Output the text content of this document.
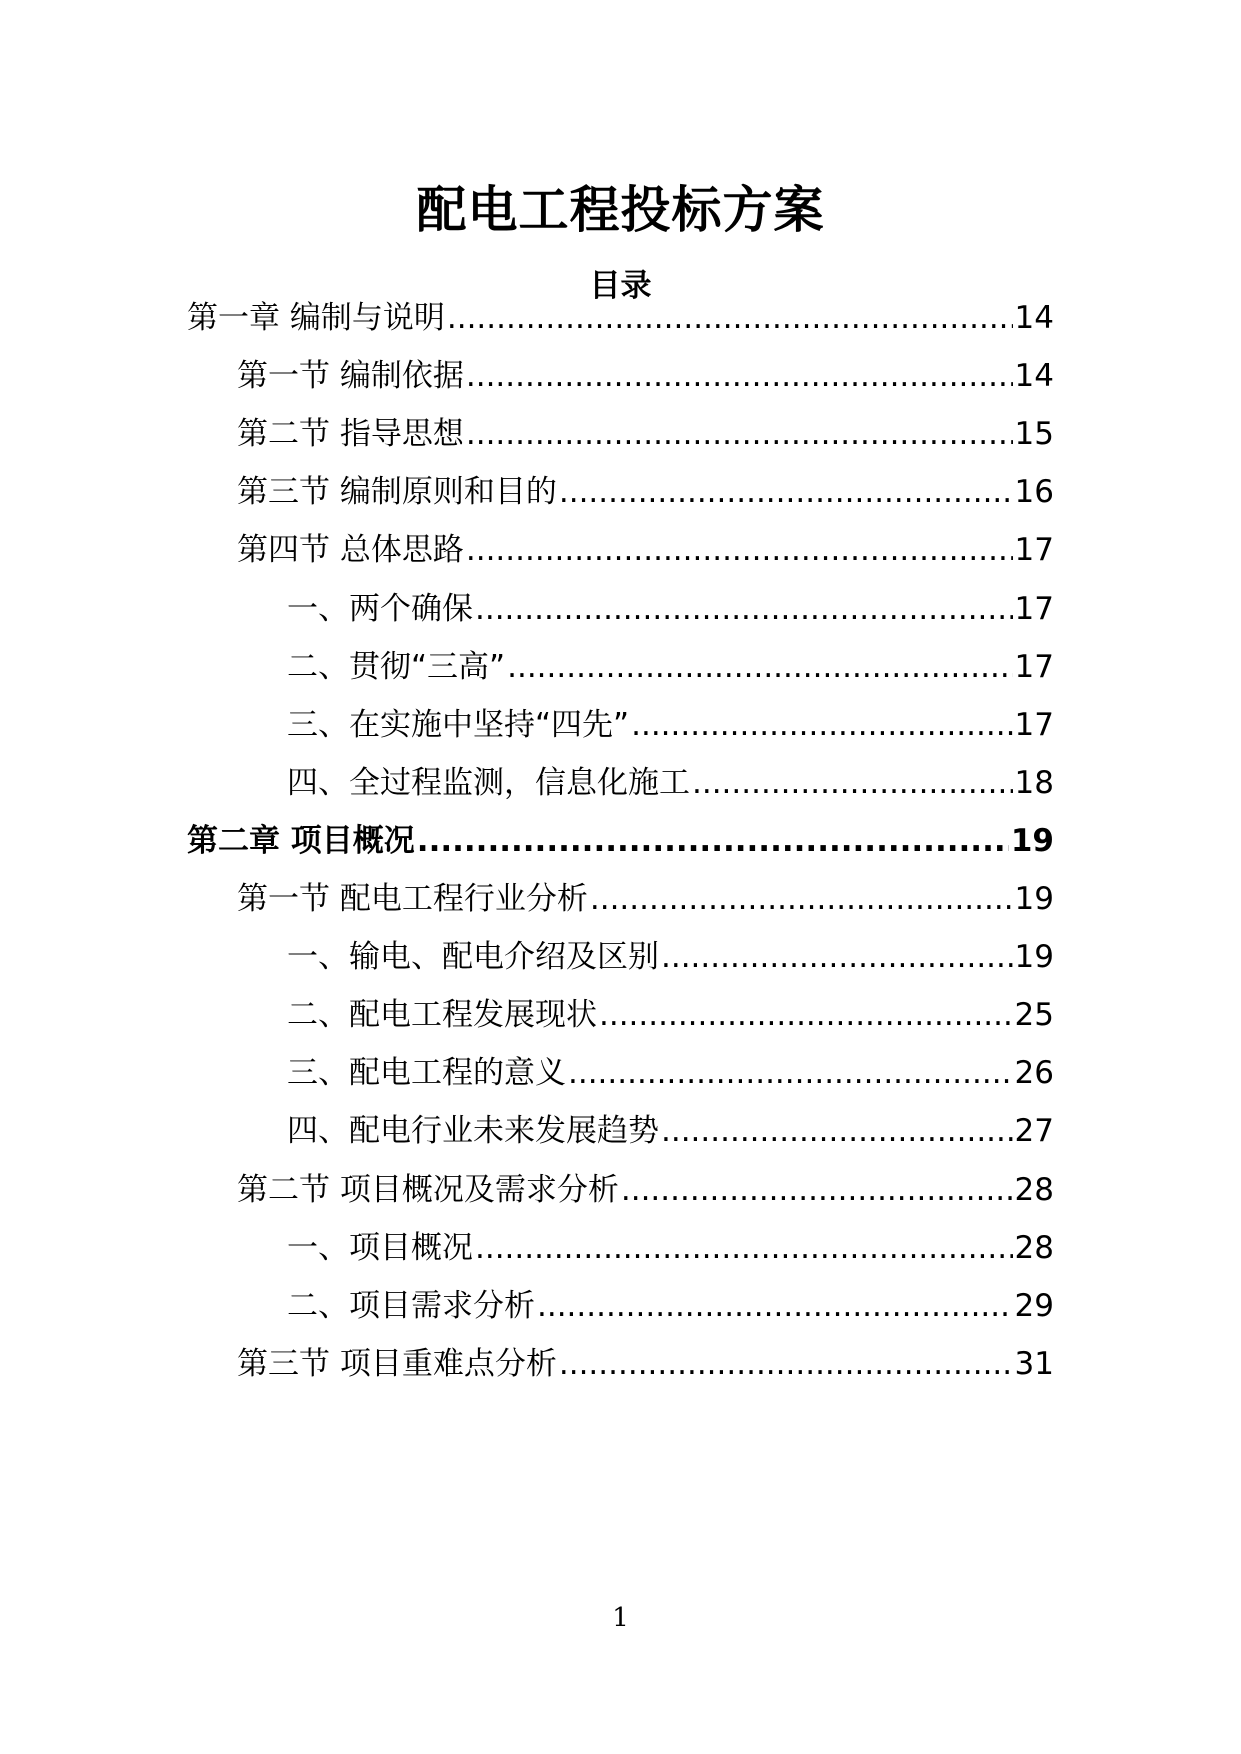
配电工程投标方案
目录
第一章 编制与说明 .....	14
第一节 编制依据 .....	14
第二节 指导思想 .....	15
第三节 编制原则和目的 .....	16
第四节 总体思路 .....	17
一、两个确保 .....	17
二、贯彻“三高” .....	17
三、在实施中坚持“四先” .....	17
四、全过程监测，信息化施工 .....	18
第二章 项目概况 .....	19
第一节 配电工程行业分析 .....	19
一、输电、配电介绍及区别 .....	19
二、配电工程发展现状 .....	25
三、配电工程的意义 .....	26
四、配电行业未来发展趋势 .....	27
第二节 项目概况及需求分析 .....	28
一、项目概况 .....	28
二、项目需求分析 .....	29
第三节 项目重难点分析 .....	31
1
